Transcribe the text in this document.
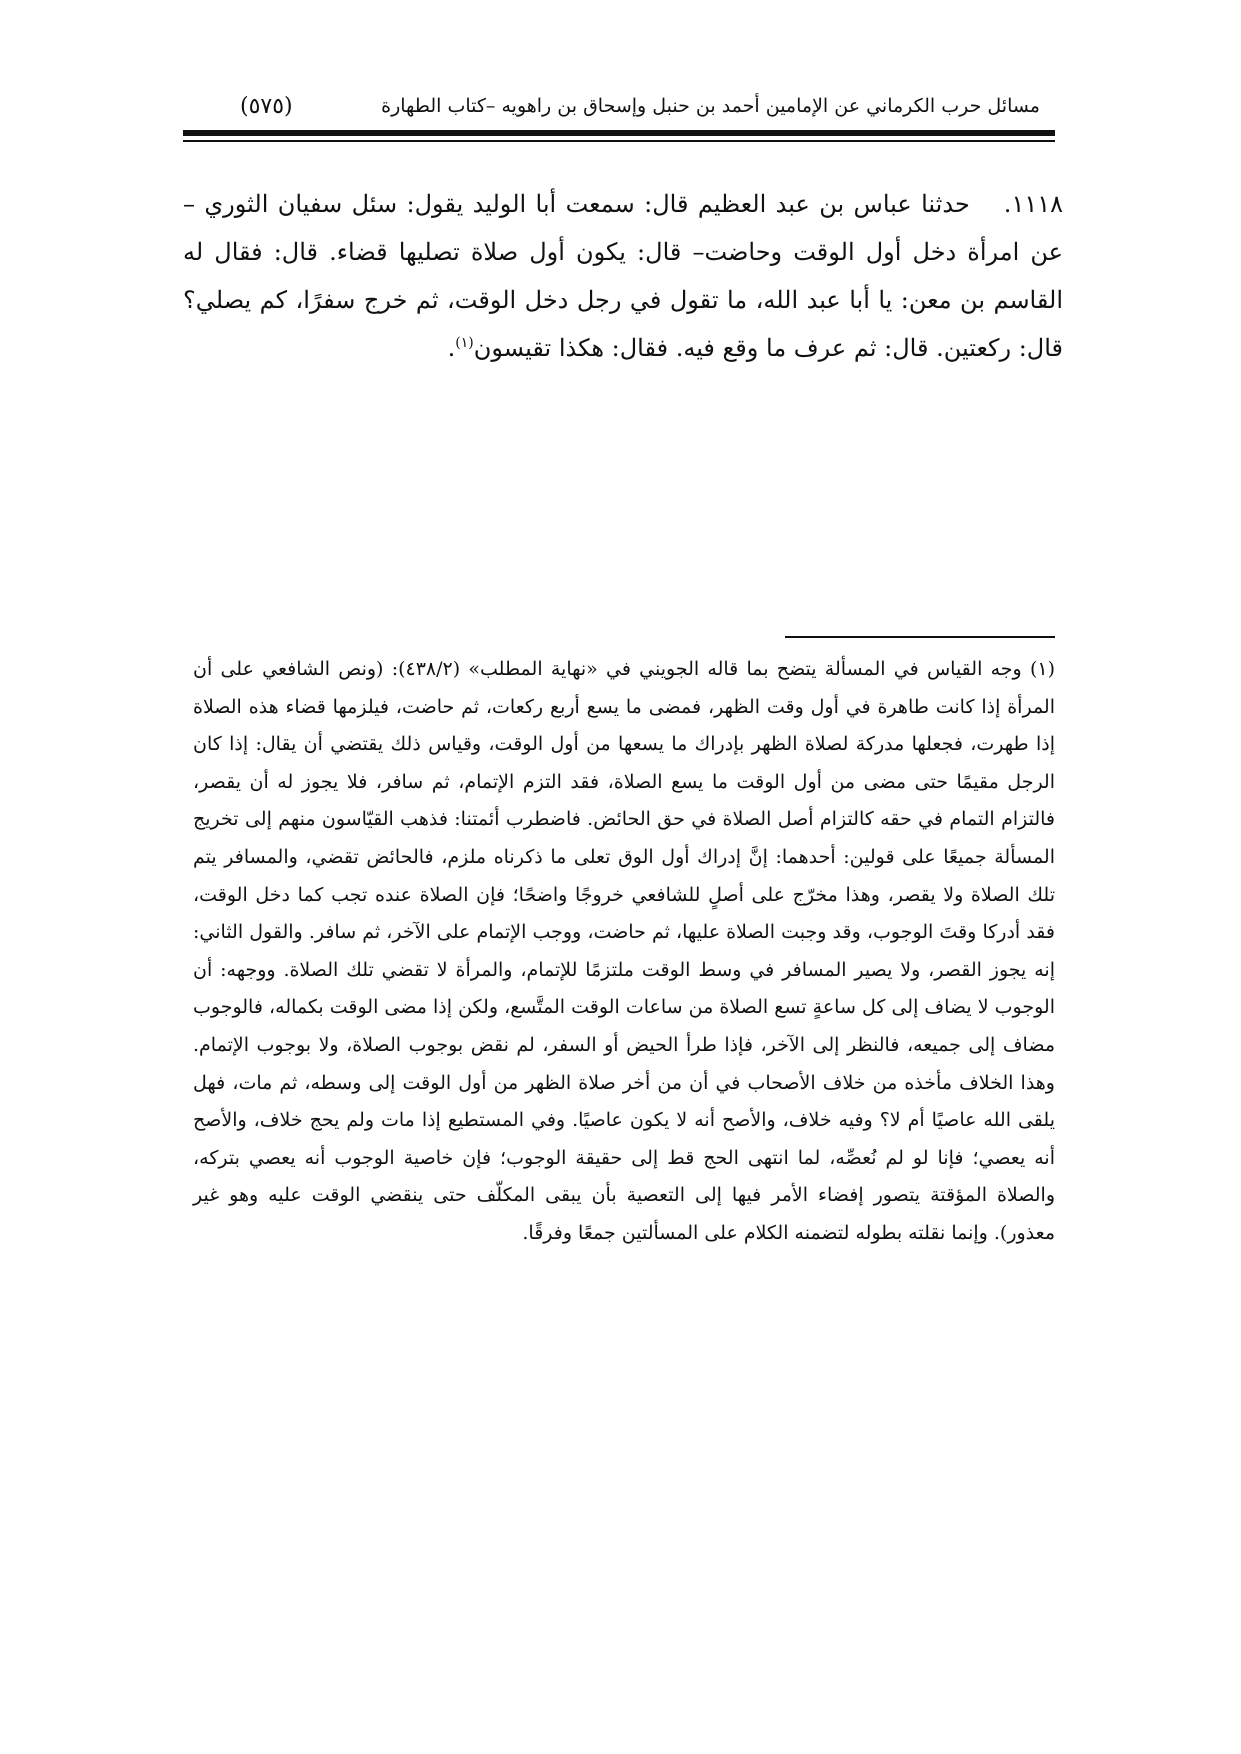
مسائل حرب الكرماني عن الإمامين أحمد بن حنبل وإسحاق بن راهويه –كتاب الطهارة
(٥٧٥)
١١١٨.حدثنا عباس بن عبد العظيم قال: سمعت أبا الوليد يقول: سئل سفيان الثوري –عن امرأة دخل أول الوقت وحاضت– قال: يكون أول صلاة تصليها قضاء. قال: فقال له القاسم بن معن: يا أبا عبد الله، ما تقول في رجل دخل الوقت، ثم خرج سفرًا، كم يصلي؟ قال: ركعتين. قال: ثم عرف ما وقع فيه. فقال: هكذا تقيسون$^{(١)}$.
(١) وجه القياس في المسألة يتضح بما قاله الجويني في «نهاية المطلب» (٤٣٨/٢): (ونص الشافعي على أن المرأة إذا كانت طاهرة في أول وقت الظهر، فمضى ما يسع أربع ركعات، ثم حاضت، فيلزمها قضاء هذه الصلاة إذا طهرت، فجعلها مدركة لصلاة الظهر بإدراك ما يسعها من أول الوقت، وقياس ذلك يقتضي أن يقال: إذا كان الرجل مقيمًا حتى مضى من أول الوقت ما يسع الصلاة، فقد التزم الإتمام، ثم سافر، فلا يجوز له أن يقصر، فالتزام التمام في حقه كالتزام أصل الصلاة في حق الحائض. فاضطرب أئمتنا: فذهب القيّاسون منهم إلى تخريج المسألة جميعًا على قولين: أحدهما: إنَّ إدراك أول الوق تعلى ما ذكرناه ملزم، فالحائض تقضي، والمسافر يتم تلك الصلاة ولا يقصر، وهذا مخرّج على أصلٍ للشافعي خروجًا واضحًا؛ فإن الصلاة عنده تجب كما دخل الوقت، فقد أدركا وقتَ الوجوب، وقد وجبت الصلاة عليها، ثم حاضت، ووجب الإتمام على الآخر، ثم سافر. والقول الثاني: إنه يجوز القصر، ولا يصير المسافر في وسط الوقت ملتزمًا للإتمام، والمرأة لا تقضي تلك الصلاة. ووجهه: أن الوجوب لا يضاف إلى كل ساعةٍ تسع الصلاة من ساعات الوقت المتَّسع، ولكن إذا مضى الوقت بكماله، فالوجوب مضاف إلى جميعه، فالنظر إلى الآخر، فإذا طرأ الحيض أو السفر، لم نقض بوجوب الصلاة، ولا بوجوب الإتمام. وهذا الخلاف مأخذه من خلاف الأصحاب في أن من أخر صلاة الظهر من أول الوقت إلى وسطه، ثم مات، فهل يلقى الله عاصيًا أم لا؟ وفيه خلاف، والأصح أنه لا يكون عاصيًا. وفي المستطيع إذا مات ولم يحج خلاف، والأصح أنه يعصي؛ فإنا لو لم نُعصِّه، لما انتهى الحج قط إلى حقيقة الوجوب؛ فإن خاصية الوجوب أنه يعصي بتركه، والصلاة المؤقتة يتصور إفضاء الأمر فيها إلى التعصية بأن يبقى المكلّف حتى ينقضي الوقت عليه وهو غير معذور). وإنما نقلته بطوله لتضمنه الكلام على المسألتين جمعًا وفرقًا.
